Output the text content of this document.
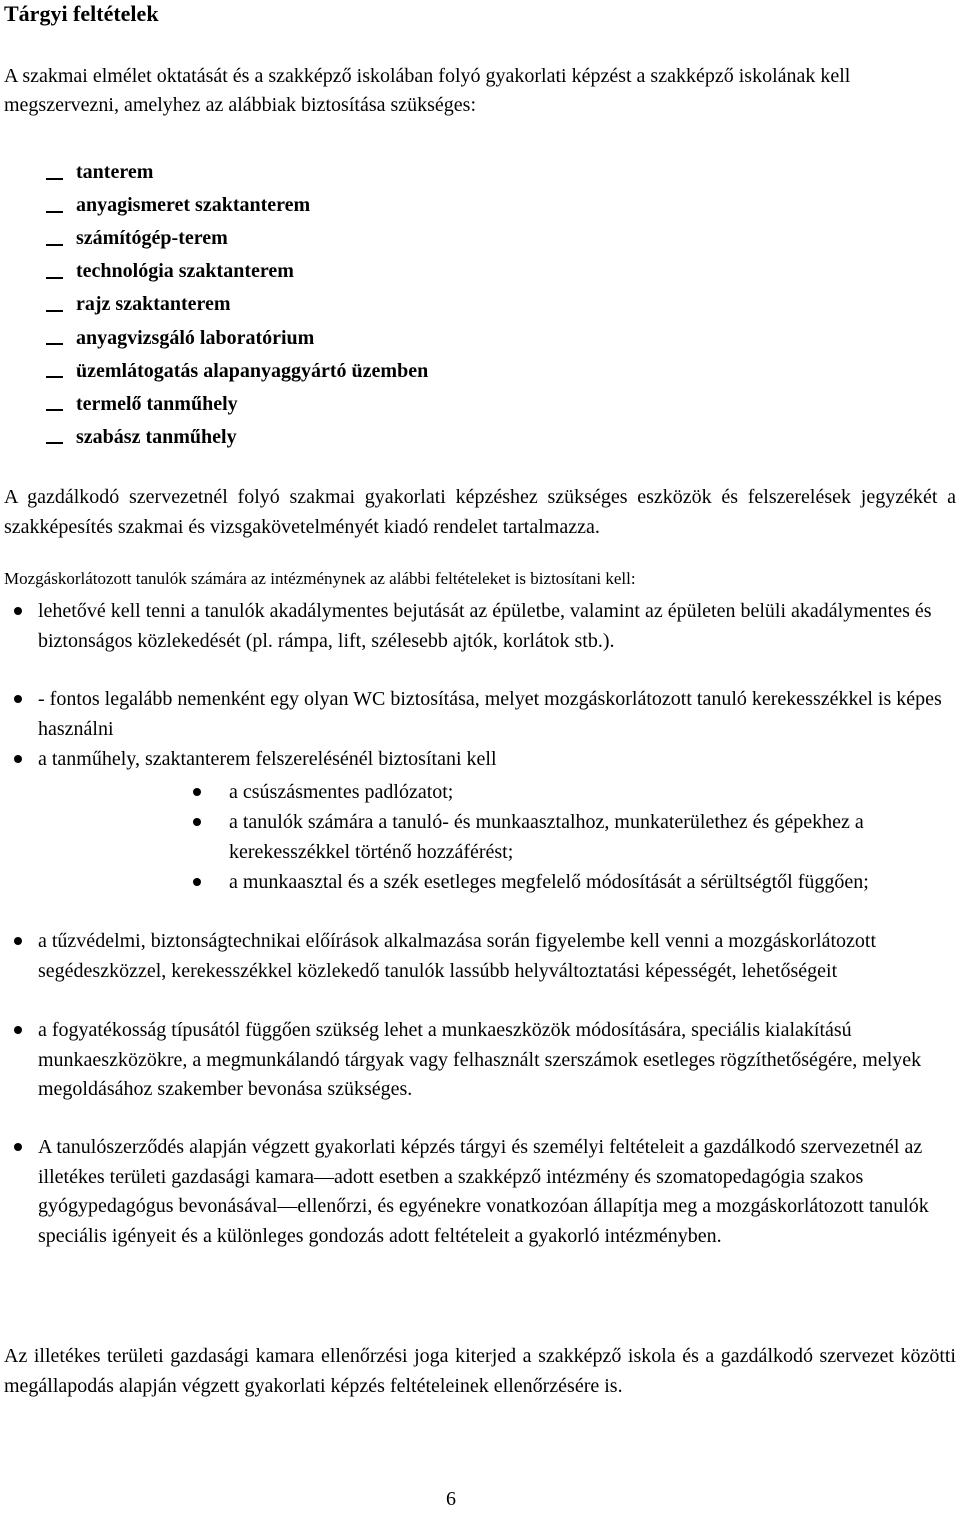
Tárgyi feltételek
A szakmai elmélet oktatását és a szakképző iskolában folyó gyakorlati képzést a szakképző iskolának kell megszervezni, amelyhez az alábbiak biztosítása szükséges:
tanterem
anyagismeret szaktanterem
számítógép-terem
technológia szaktanterem
rajz szaktanterem
anyagvizsgáló laboratórium
üzemlátogatás alapanyaggyártó üzemben
termelő tanműhely
szabász tanműhely
A gazdálkodó szervezetnél folyó szakmai gyakorlati képzéshez szükséges eszközök és felszerelések jegyzékét a szakképesítés szakmai és vizsgakövetelményét kiadó rendelet tartalmazza.
Mozgáskorlátozott tanulók számára az intézménynek az alábbi feltételeket is biztosítani kell:
lehetővé kell tenni a tanulók akadálymentes bejutását az épületbe, valamint az épületen belüli akadálymentes és biztonságos közlekedését (pl. rámpa, lift, szélesebb ajtók, korlátok stb.).
- fontos legalább nemenként egy olyan WC biztosítása, melyet mozgáskorlátozott tanuló kerekesszékkel is képes használni
a tanműhely, szaktanterem felszerelésénél biztosítani kell
a csúszásmentes padlózatot;
a tanulók számára a tanuló- és munkaasztalhoz, munkaterülethez és gépekhez a kerekesszékkel történő hozzáférést;
a munkaasztal és a szék esetleges megfelelő módosítását a sérültségtől függően;
a tűzvédelmi, biztonságtechnikai előírások alkalmazása során figyelembe kell venni a mozgáskorlátozott segédeszközzel, kerekesszékkel közlekedő tanulók lassúbb helyváltoztatási képességét, lehetőségeit
a fogyatékosság típusától függően szükség lehet a munkaeszközök módosítására, speciális kialakítású munkaeszközökre, a megmunkálandó tárgyak vagy felhasznált szerszámok esetleges rögzíthetőségére, melyek megoldásához szakember bevonása szükséges.
A tanulószerződés alapján végzett gyakorlati képzés tárgyi és személyi feltételeit a gazdálkodó szervezetnél az illetékes területi gazdasági kamara—adott esetben a szakképző intézmény és szomatopedagógia szakos gyógypedagógus bevonásával—ellenőrzi, és egyénekre vonatkozóan állapítja meg a mozgáskorlátozott tanulók speciális igényeit és a különleges gondozás adott feltételeit a gyakorló intézményben.
Az illetékes területi gazdasági kamara ellenőrzési joga kiterjed a szakképző iskola és a gazdálkodó szervezet közötti megállapodás alapján végzett gyakorlati képzés feltételeinek ellenőrzésére is.
6
